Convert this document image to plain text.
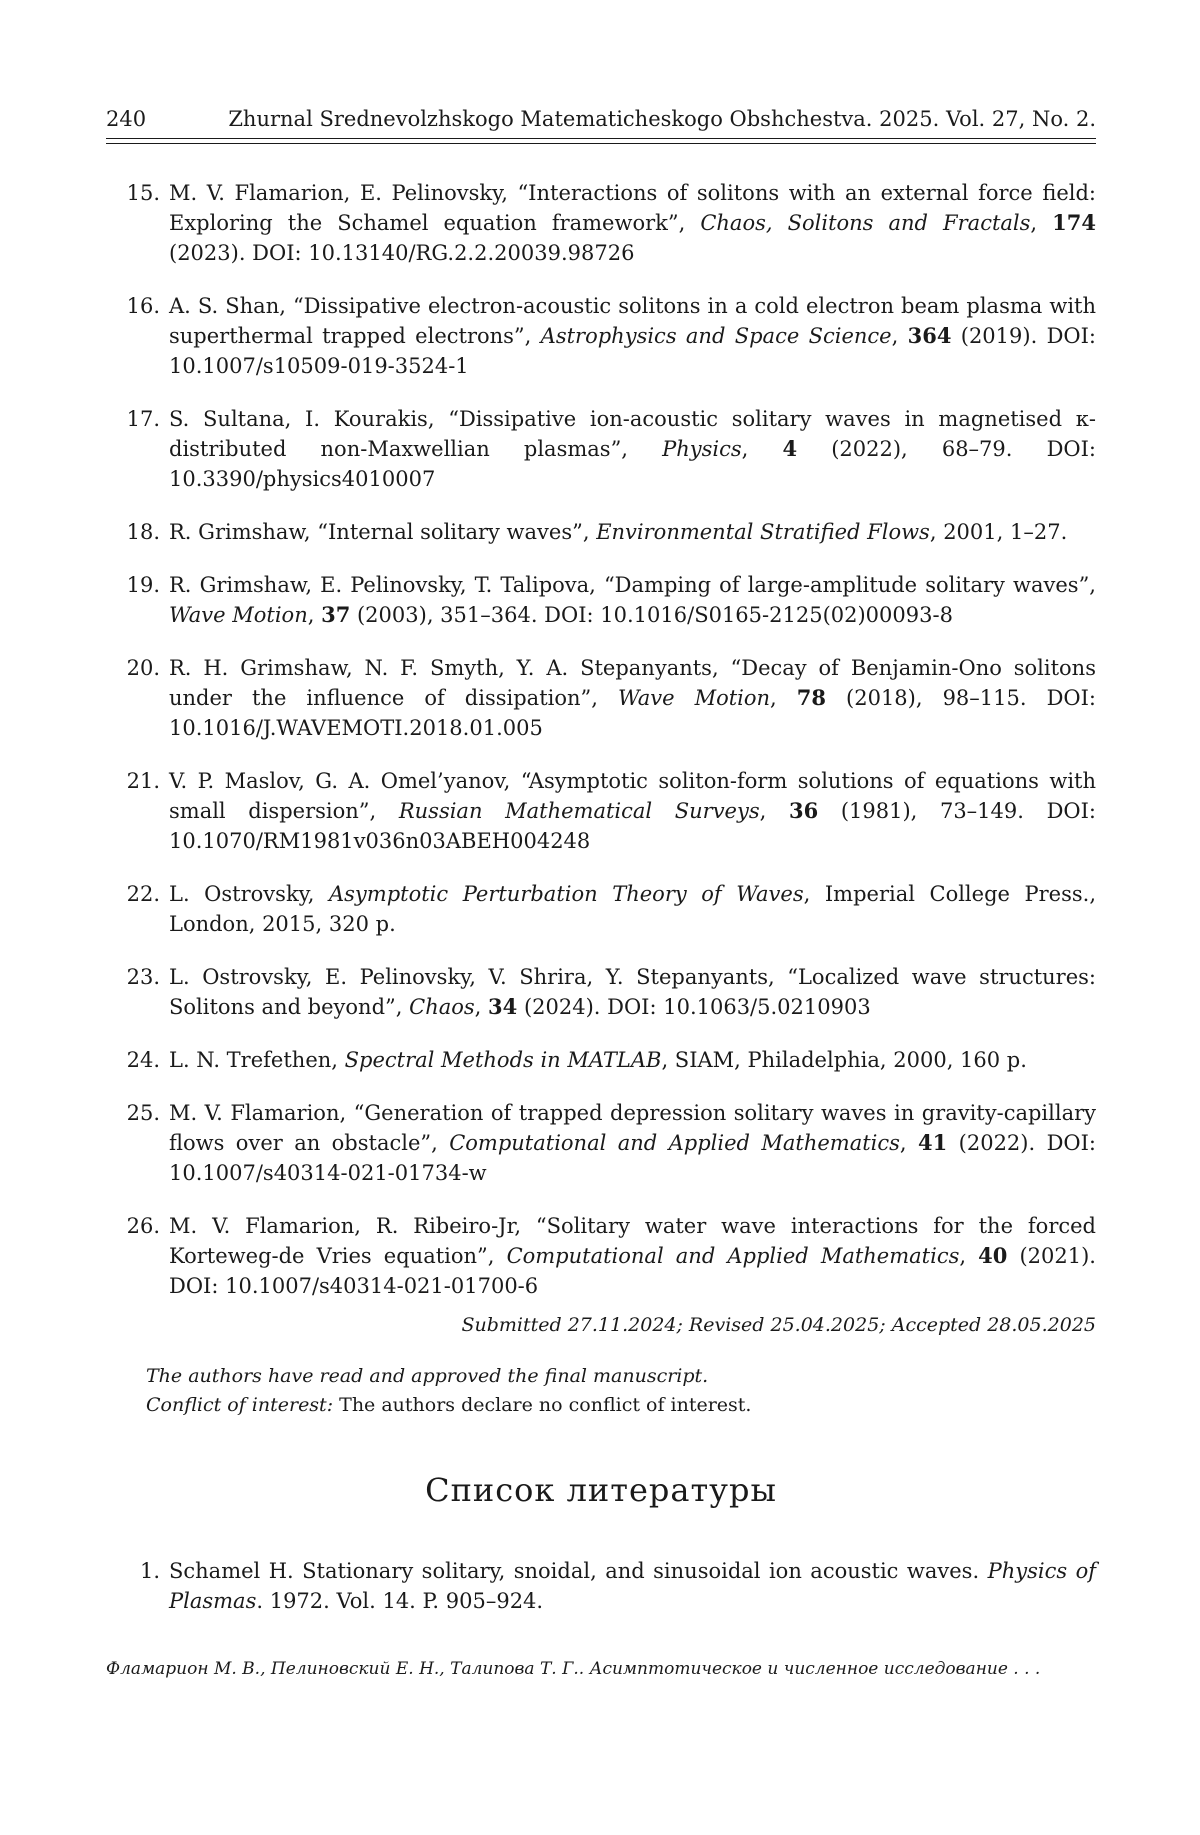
240	Zhurnal Srednevolzhskogo Matematicheskogo Obshchestva. 2025. Vol. 27, No. 2.
15. M. V. Flamarion, E. Pelinovsky, “Interactions of solitons with an external force field: Exploring the Schamel equation framework”, Chaos, Solitons and Fractals, 174 (2023). DOI: 10.13140/RG.2.2.20039.98726
16. A. S. Shan, “Dissipative electron-acoustic solitons in a cold electron beam plasma with superthermal trapped electrons”, Astrophysics and Space Science, 364 (2019). DOI: 10.1007/s10509-019-3524-1
17. S. Sultana, I. Kourakis, “Dissipative ion-acoustic solitary waves in magnetised κ-distributed non-Maxwellian plasmas”, Physics, 4 (2022), 68–79. DOI: 10.3390/physics4010007
18. R. Grimshaw, “Internal solitary waves”, Environmental Stratified Flows, 2001, 1–27.
19. R. Grimshaw, E. Pelinovsky, T. Talipova, “Damping of large-amplitude solitary waves”, Wave Motion, 37 (2003), 351–364. DOI: 10.1016/S0165-2125(02)00093-8
20. R. H. Grimshaw, N. F. Smyth, Y. A. Stepanyants, “Decay of Benjamin-Ono solitons under the influence of dissipation”, Wave Motion, 78 (2018), 98–115. DOI: 10.1016/J.WAVEMOTI.2018.01.005
21. V. P. Maslov, G. A. Omel’yanov, “Asymptotic soliton-form solutions of equations with small dispersion”, Russian Mathematical Surveys, 36 (1981), 73–149. DOI: 10.1070/RM1981v036n03ABEH004248
22. L. Ostrovsky, Asymptotic Perturbation Theory of Waves, Imperial College Press., London, 2015, 320 p.
23. L. Ostrovsky, E. Pelinovsky, V. Shrira, Y. Stepanyants, “Localized wave structures: Solitons and beyond”, Chaos, 34 (2024). DOI: 10.1063/5.0210903
24. L. N. Trefethen, Spectral Methods in MATLAB, SIAM, Philadelphia, 2000, 160 p.
25. M. V. Flamarion, “Generation of trapped depression solitary waves in gravity-capillary flows over an obstacle”, Computational and Applied Mathematics, 41 (2022). DOI: 10.1007/s40314-021-01734-w
26. M. V. Flamarion, R. Ribeiro-Jr, “Solitary water wave interactions for the forced Korteweg-de Vries equation”, Computational and Applied Mathematics, 40 (2021). DOI: 10.1007/s40314-021-01700-6
Submitted 27.11.2024; Revised 25.04.2025; Accepted 28.05.2025
The authors have read and approved the final manuscript.
Conflict of interest: The authors declare no conflict of interest.
Список литературы
1. Schamel H. Stationary solitary, snoidal, and sinusoidal ion acoustic waves. Physics of Plasmas. 1972. Vol. 14. P. 905–924.
Фламарион М. В., Пелиновский Е. Н., Талипова Т. Г.. Асимптотическое и численное исследование . . .
